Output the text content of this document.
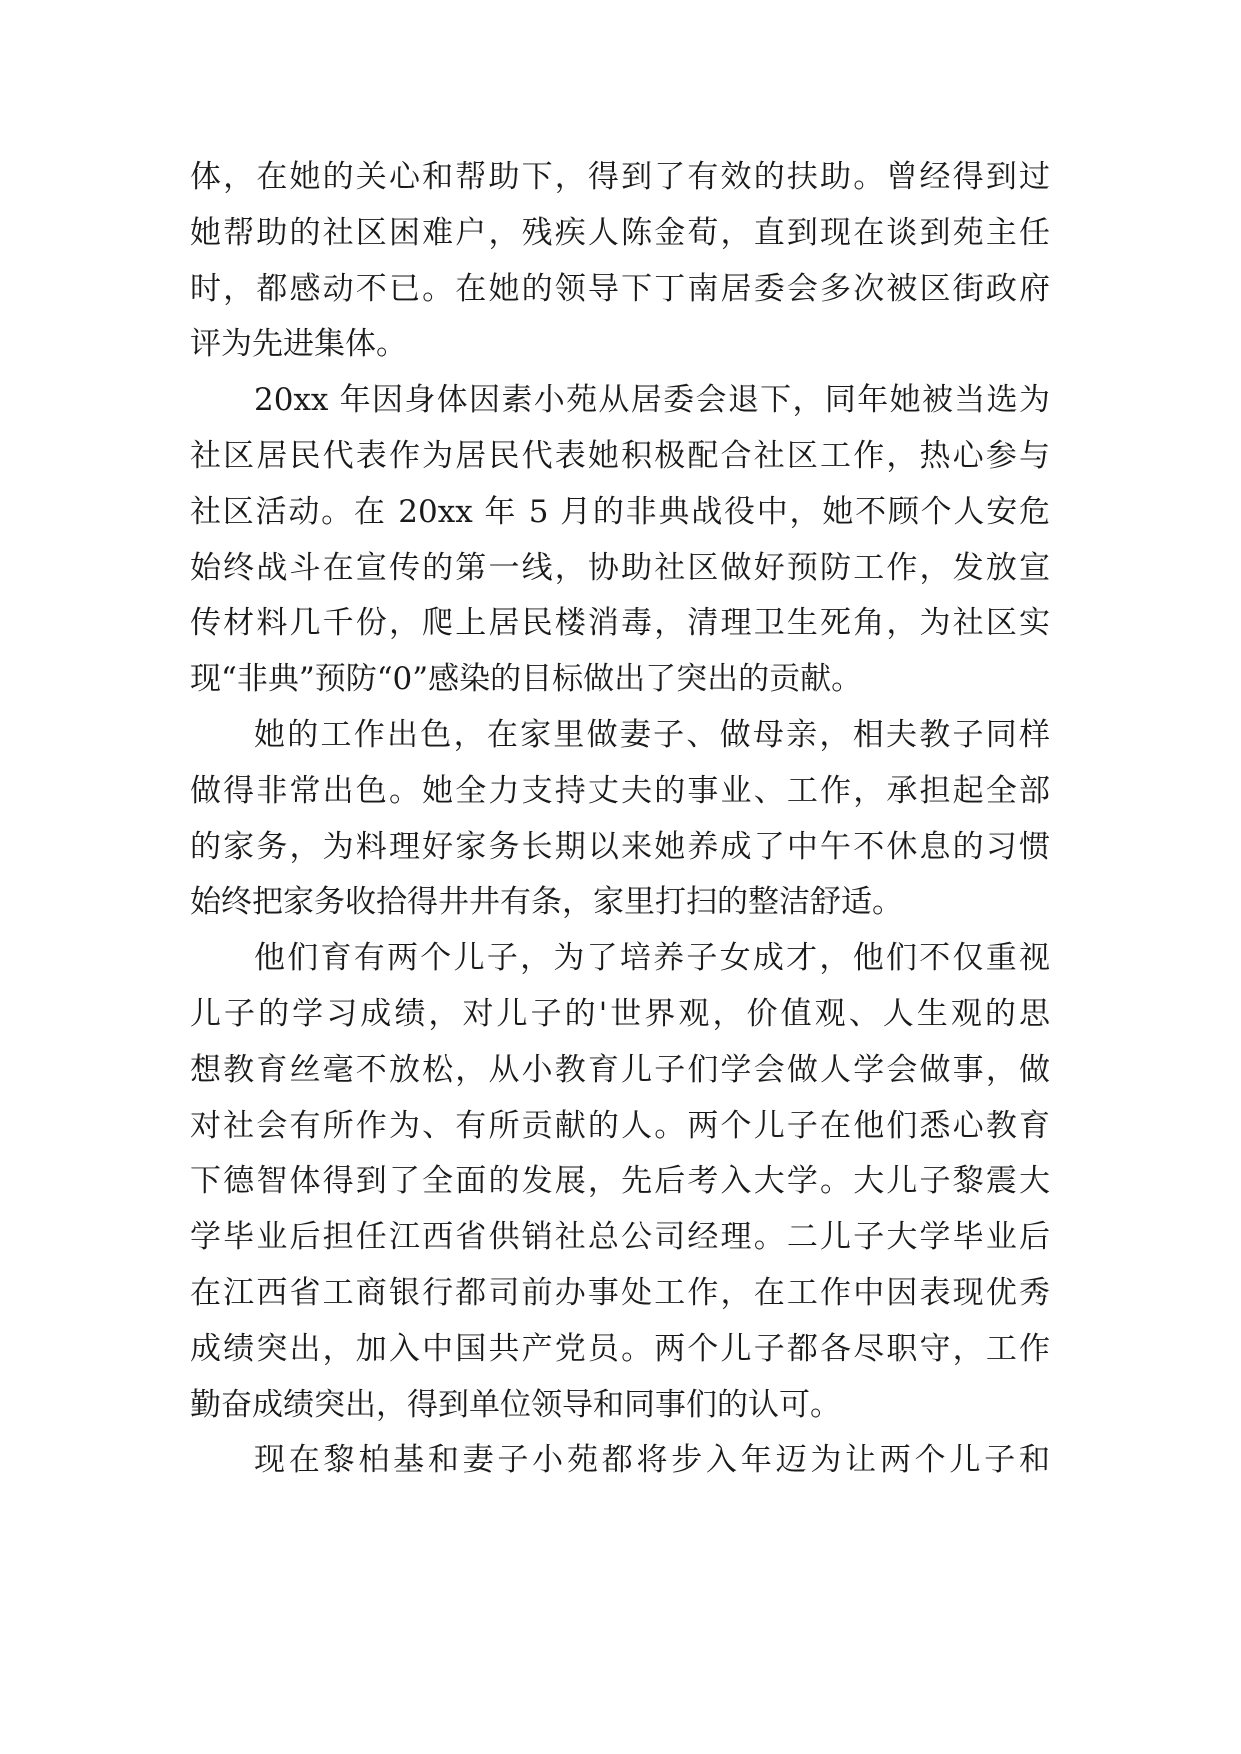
体，在她的关心和帮助下，得到了有效的扶助。曾经得到过
她帮助的社区困难户，残疾人陈金荀，直到现在谈到苑主任
时，都感动不已。在她的领导下丁南居委会多次被区街政府
评为先进集体。
20xx 年因身体因素小苑从居委会退下，同年她被当选为
社区居民代表作为居民代表她积极配合社区工作，热心参与
社区活动。在 20xx 年 5 月的非典战役中，她不顾个人安危
始终战斗在宣传的第一线，协助社区做好预防工作，发放宣
传材料几千份，爬上居民楼消毒，清理卫生死角，为社区实
现“非典”预防“0”感染的目标做出了突出的贡献。
她的工作出色，在家里做妻子、做母亲，相夫教子同样
做得非常出色。她全力支持丈夫的事业、工作，承担起全部
的家务，为料理好家务长期以来她养成了中午不休息的习惯
始终把家务收拾得井井有条，家里打扫的整洁舒适。
他们育有两个儿子，为了培养子女成才，他们不仅重视
儿子的学习成绩，对儿子的'世界观，价值观、人生观的思
想教育丝毫不放松，从小教育儿子们学会做人学会做事，做
对社会有所作为、有所贡献的人。两个儿子在他们悉心教育
下德智体得到了全面的发展，先后考入大学。大儿子黎震大
学毕业后担任江西省供销社总公司经理。二儿子大学毕业后
在江西省工商银行都司前办事处工作，在工作中因表现优秀
成绩突出，加入中国共产党员。两个儿子都各尽职守，工作
勤奋成绩突出，得到单位领导和同事们的认可。
现在黎柏基和妻子小苑都将步入年迈为让两个儿子和
